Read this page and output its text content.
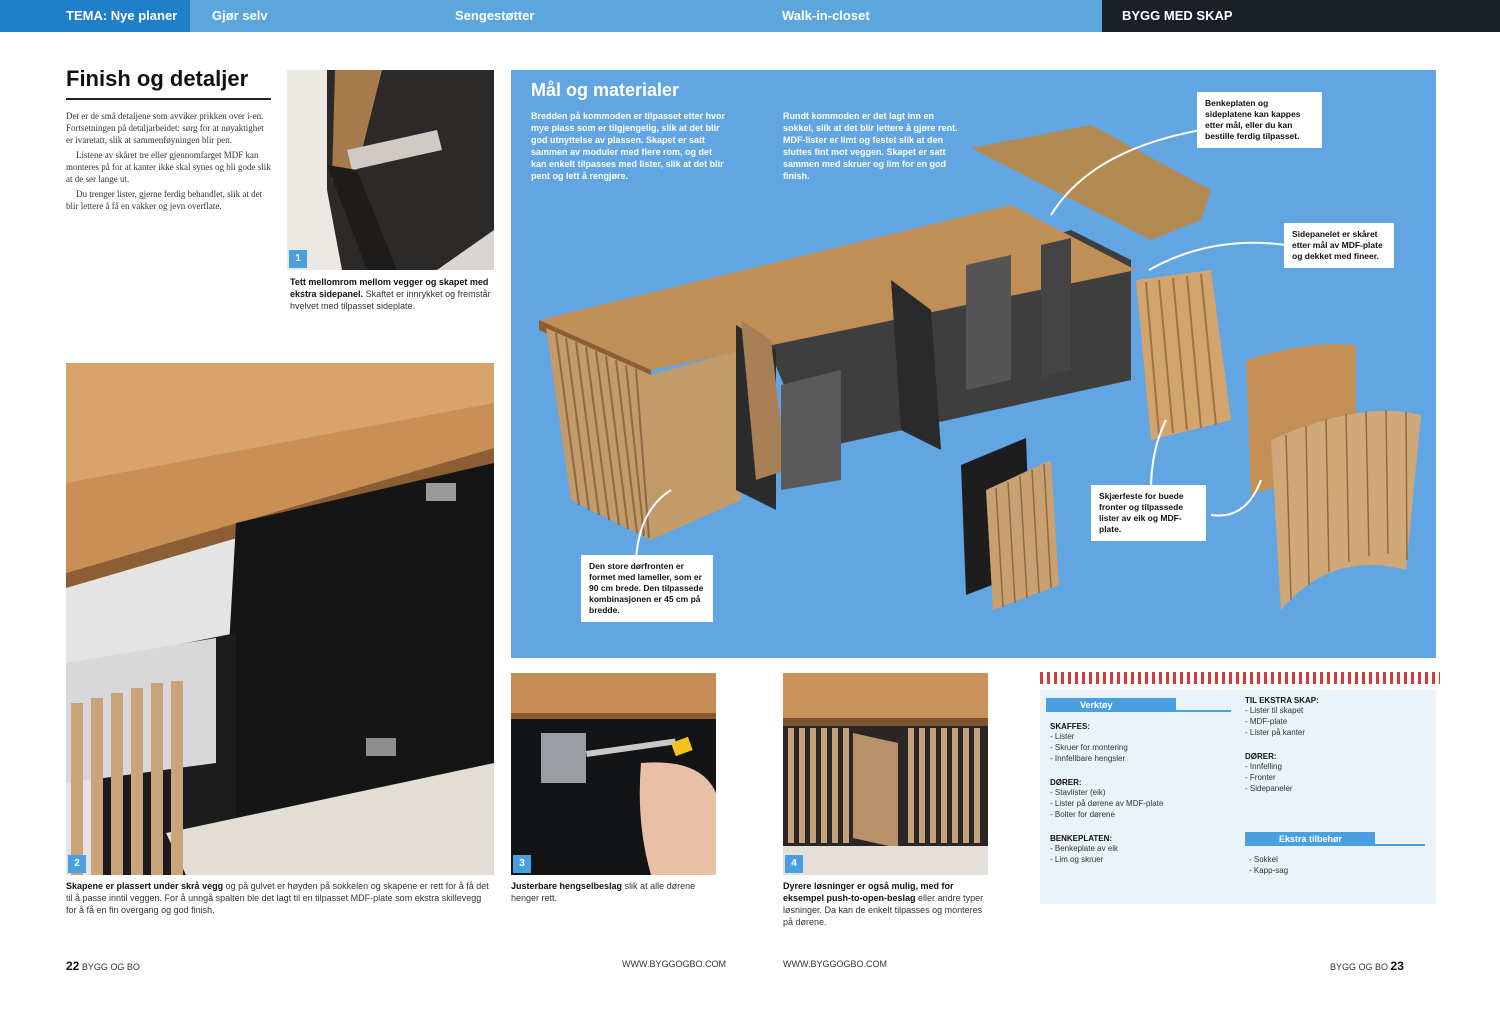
TEMA: Nye planer	Gjør selv	Sengestøtter	Walk-in-closet	BYGG MED SKAP
Finish og detaljer

Det er de små detaljene som avviker prikken over i-en. Fortsetningen på detaljarbeidet: sørg for at nøyaktighet er ivaretatt, slik at sammenføyningen blir pen.

Listene av skåret tre eller gjennomfarget MDF kan monteres på for at kanter ikke skal synes og bli gode slik at de ser lange ut.

Du trenger lister, gjerne ferdig behandlet, slik at det blir lettere å få en vakker og jevn overflate.

1
Tett mellomrom mellom vegger og skapet med ekstra sidepanel. Skaftet er innrykket og fremstår hvelvet med tilpasset sideplate.
2
Skapene er plassert under skrå vegg og på gulvet er høyden på sokkelen og skapene er rett for å få det til å passe inntil veggen. For å unngå spalten ble det lagt til en tilpasset MDF-plate som ekstra skillevegg for å få en fin overgang og god finish.
3
Justerbare hengselbeslag slik at alle dørene henger rett.
4
Dyrere løsninger er også mulig, med for eksempel push-to-open-beslag eller andre typer løsninger. Da kan de enkelt tilpasses og monteres på dørene.
Mål og materialer
Bredden på kommoden er tilpasset etter hvor mye plass som er tilgjengelig, slik at det blir god utnyttelse av plassen. Skapet er satt sammen av moduler med flere rom, og det kan enkelt tilpasses med lister, slik at det blir pent og lett å rengjøre.
Rundt kommoden er det lagt inn en sokkel, slik at det blir lettere å gjøre rent. MDF-lister er limt og festet slik at den sluttes fint mot veggen. Skapet er satt sammen med skruer og lim for en god finish.
Benkeplaten og sideplatene kan kappes etter mål, eller du kan bestille ferdig tilpasset.
Sidepanelet er skåret etter mål av MDF-plate og dekket med fineer.
Den store dørfronten er formet med lameller, som er 90 cm brede. Den tilpassede kombinasjonen er 45 cm på bredde.
Skjærfeste for buede fronter og tilpassede lister av eik og MDF-plate.
Verktøy
SKAFFES:
- Lister
- Skruer for montering
- Innfellbare hengsler
DØRER:
- Stavlister (eik)
- Lister på dørene av MDF-plate
- Bolter for dørene
BENKEPLATEN:
- Benkeplate av eik
- Lim og skruer
TIL EKSTRA SKAP:
- Lister til skapet
- MDF-plate
- Lister på kanter
DØRER:
- Innfelling
- Fronter
- Sidepaneler
Ekstra tilbehør
- Sokkel
- Kapp-sag
22 BYGG OG BO	WWW.BYGGOGBO.COM	WWW.BYGGOGBO.COM	BYGG OG BO 23
